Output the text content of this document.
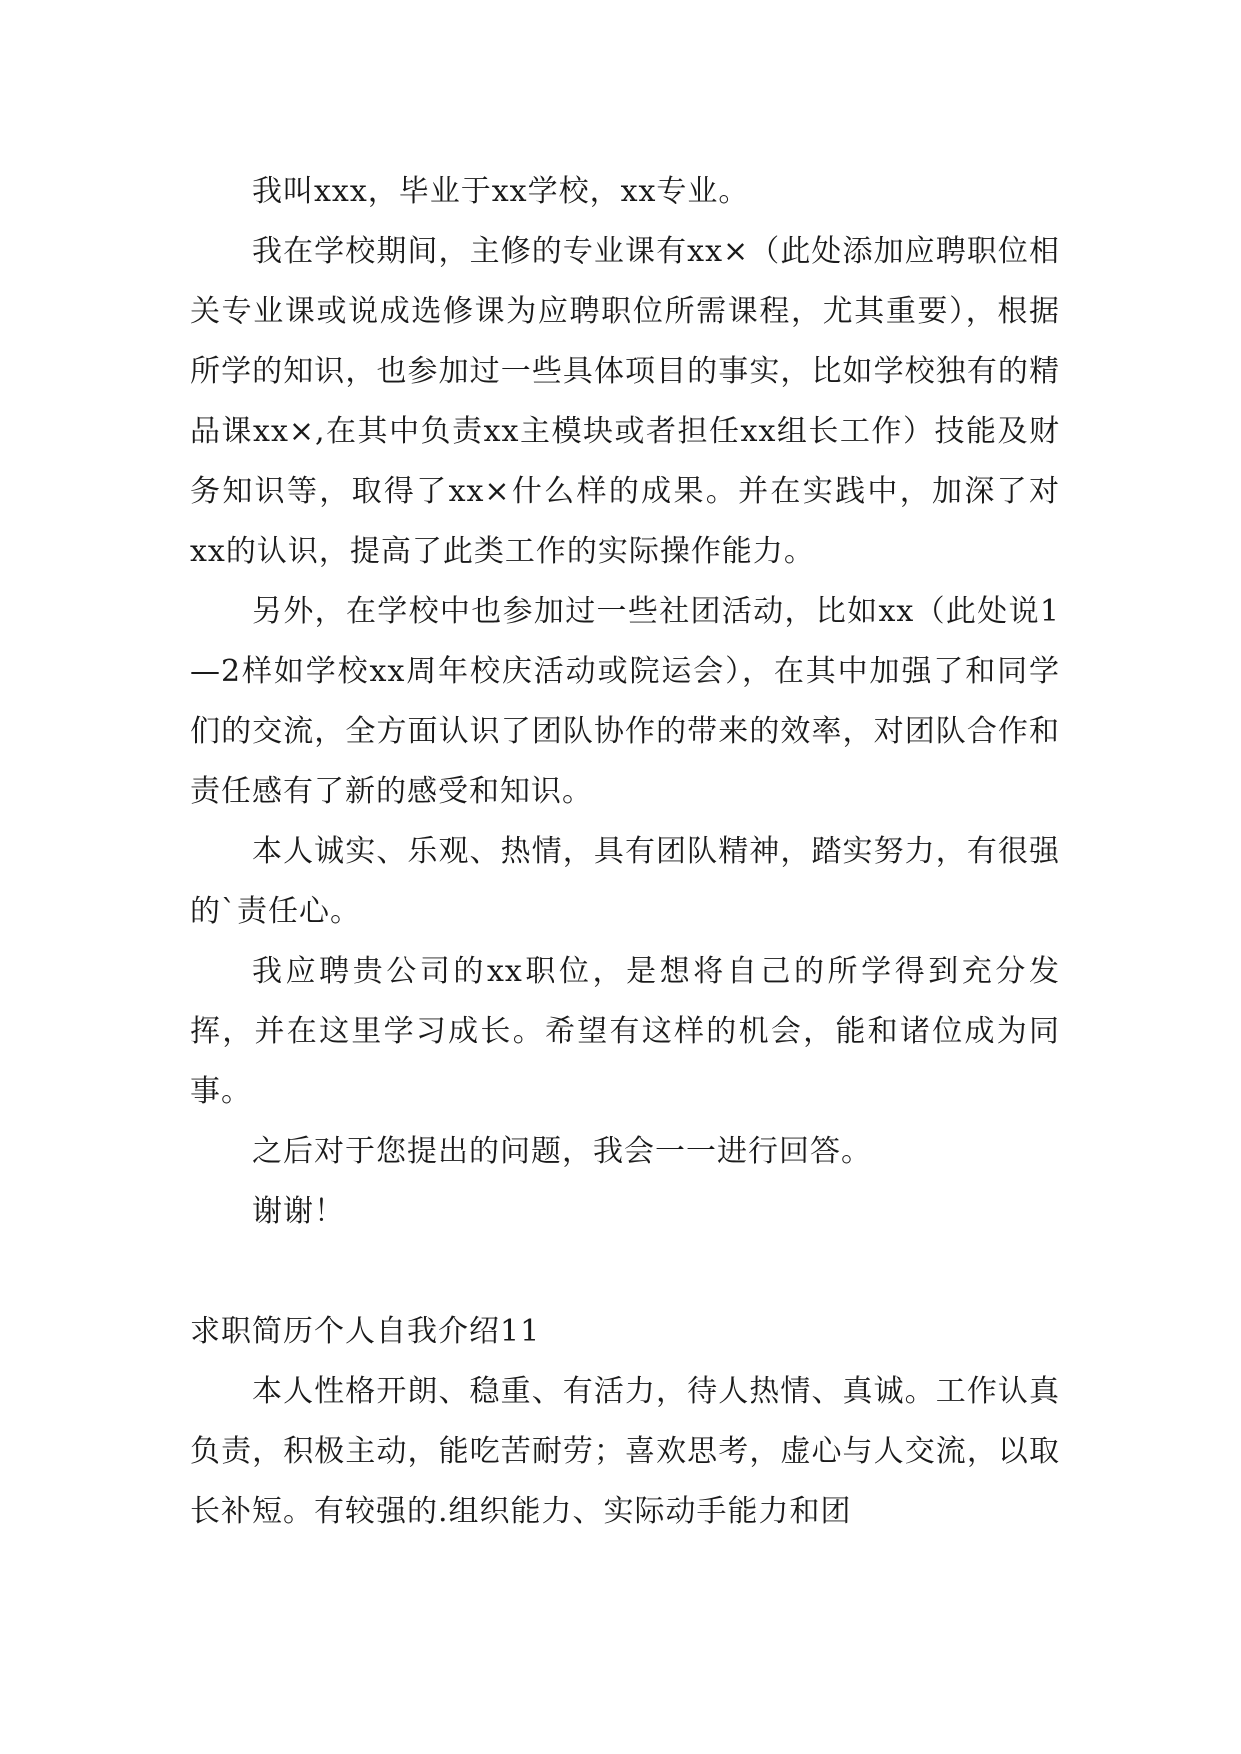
我叫xxx，毕业于xx学校，xx专业。

我在学校期间，主修的专业课有xx×（此处添加应聘职位相关专业课或说成选修课为应聘职位所需课程，尤其重要），根据所学的知识，也参加过一些具体项目的事实，比如学校独有的精品课xx×,在其中负责xx主模块或者担任xx组长工作）技能及财务知识等，取得了xx×什么样的成果。并在实践中，加深了对xx的认识，提高了此类工作的实际操作能力。

另外，在学校中也参加过一些社团活动，比如xx（此处说1—2样如学校xx周年校庆活动或院运会），在其中加强了和同学们的交流，全方面认识了团队协作的带来的效率，对团队合作和责任感有了新的感受和知识。

本人诚实、乐观、热情，具有团队精神，踏实努力，有很强的`责任心。

我应聘贵公司的xx职位，是想将自己的所学得到充分发挥，并在这里学习成长。希望有这样的机会，能和诸位成为同事。

之后对于您提出的问题，我会一一进行回答。

谢谢！

求职简历个人自我介绍11

本人性格开朗、稳重、有活力，待人热情、真诚。工作认真负责，积极主动，能吃苦耐劳；喜欢思考，虚心与人交流，以取长补短。有较强的.组织能力、实际动手能力和团
